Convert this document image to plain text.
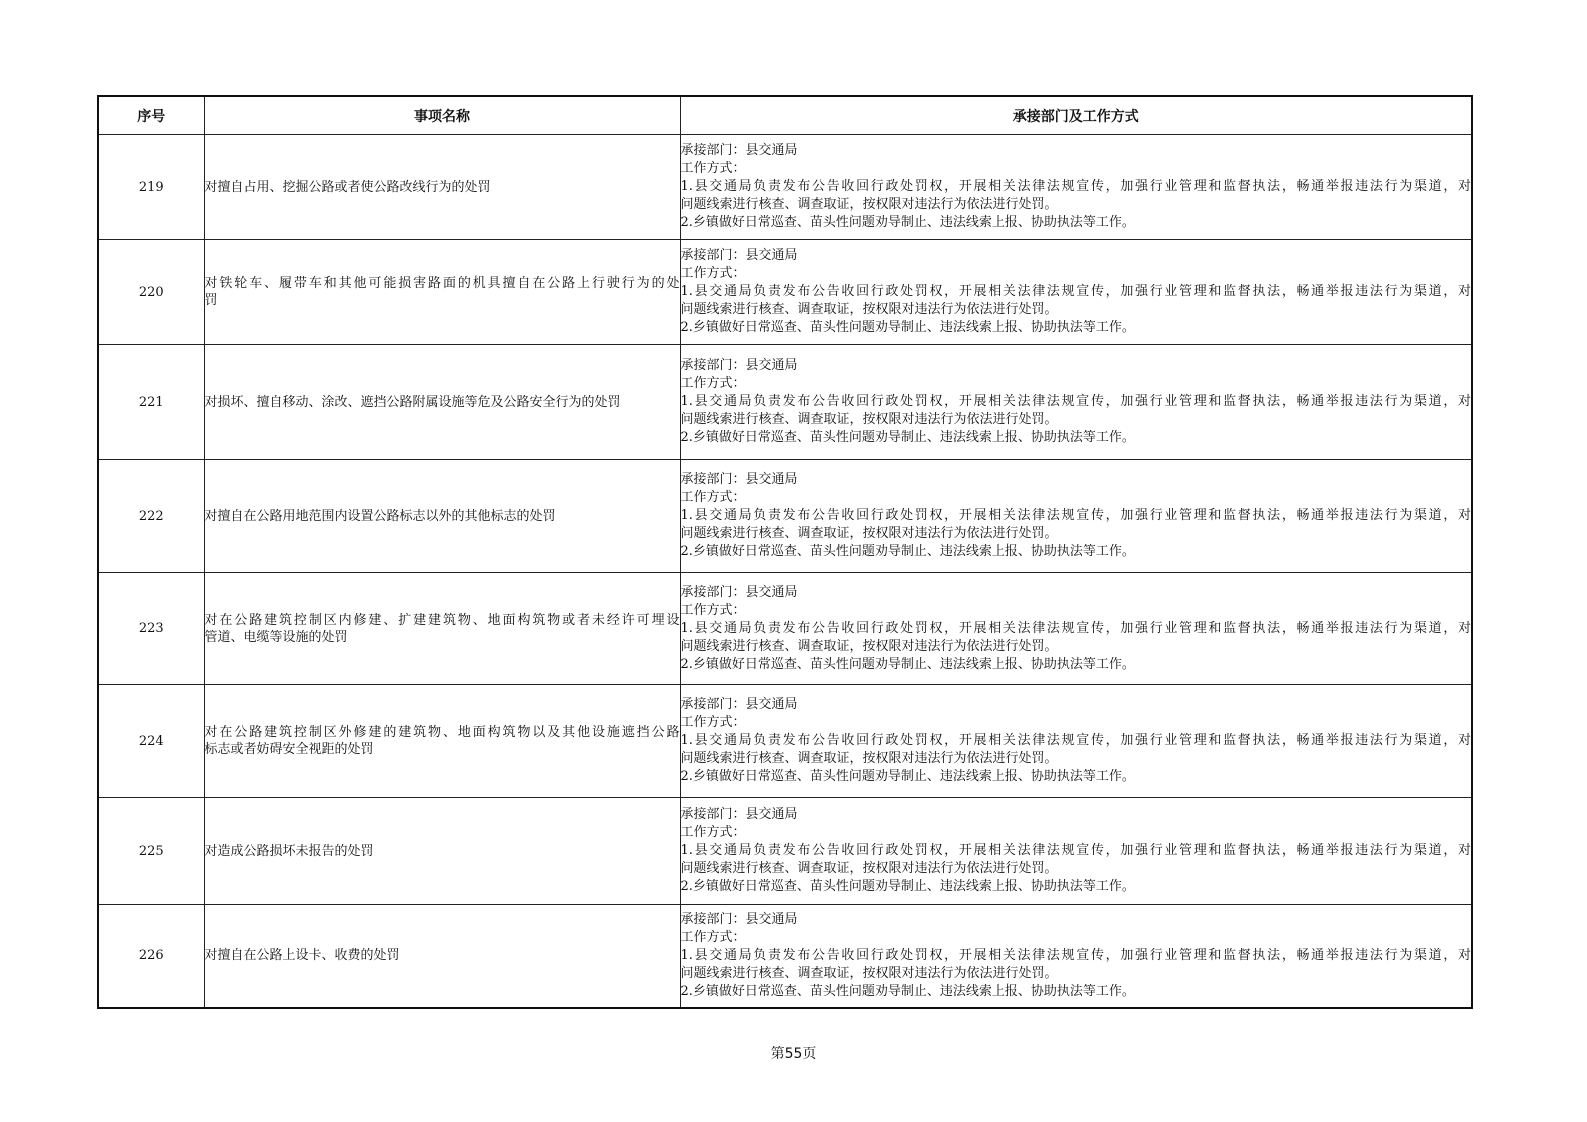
序号	事项名称	承接部门及工作方式
219	对擅自占用、挖掘公路或者使公路改线行为的处罚	承接部门：县交通局
工作方式：
1.县交通局负责发布公告收回行政处罚权，开展相关法律法规宣传，加强行业管理和监督执法，畅通举报违法行为渠道，对
问题线索进行核查、调查取证，按权限对违法行为依法进行处罚。
2.乡镇做好日常巡查、苗头性问题劝导制止、违法线索上报、协助执法等工作。

220	对铁轮车、履带车和其他可能损害路面的机具擅自在公路上行驶行为的处
罚	承接部门：县交通局
工作方式：
1.县交通局负责发布公告收回行政处罚权，开展相关法律法规宣传，加强行业管理和监督执法，畅通举报违法行为渠道，对
问题线索进行核查、调查取证，按权限对违法行为依法进行处罚。
2.乡镇做好日常巡查、苗头性问题劝导制止、违法线索上报、协助执法等工作。

221	对损坏、擅自移动、涂改、遮挡公路附属设施等危及公路安全行为的处罚	承接部门：县交通局
工作方式：
1.县交通局负责发布公告收回行政处罚权，开展相关法律法规宣传，加强行业管理和监督执法，畅通举报违法行为渠道，对
问题线索进行核查、调查取证，按权限对违法行为依法进行处罚。
2.乡镇做好日常巡查、苗头性问题劝导制止、违法线索上报、协助执法等工作。

222	对擅自在公路用地范围内设置公路标志以外的其他标志的处罚	承接部门：县交通局
工作方式：
1.县交通局负责发布公告收回行政处罚权，开展相关法律法规宣传，加强行业管理和监督执法，畅通举报违法行为渠道，对
问题线索进行核查、调查取证，按权限对违法行为依法进行处罚。
2.乡镇做好日常巡查、苗头性问题劝导制止、违法线索上报、协助执法等工作。

223	对在公路建筑控制区内修建、扩建建筑物、地面构筑物或者未经许可埋设
管道、电缆等设施的处罚	承接部门：县交通局
工作方式：
1.县交通局负责发布公告收回行政处罚权，开展相关法律法规宣传，加强行业管理和监督执法，畅通举报违法行为渠道，对
问题线索进行核查、调查取证，按权限对违法行为依法进行处罚。
2.乡镇做好日常巡查、苗头性问题劝导制止、违法线索上报、协助执法等工作。

224	对在公路建筑控制区外修建的建筑物、地面构筑物以及其他设施遮挡公路
标志或者妨碍安全视距的处罚	承接部门：县交通局
工作方式：
1.县交通局负责发布公告收回行政处罚权，开展相关法律法规宣传，加强行业管理和监督执法，畅通举报违法行为渠道，对
问题线索进行核查、调查取证，按权限对违法行为依法进行处罚。
2.乡镇做好日常巡查、苗头性问题劝导制止、违法线索上报、协助执法等工作。

225	对造成公路损坏未报告的处罚	承接部门：县交通局
工作方式：
1.县交通局负责发布公告收回行政处罚权，开展相关法律法规宣传，加强行业管理和监督执法，畅通举报违法行为渠道，对
问题线索进行核查、调查取证，按权限对违法行为依法进行处罚。
2.乡镇做好日常巡查、苗头性问题劝导制止、违法线索上报、协助执法等工作。

226	对擅自在公路上设卡、收费的处罚	承接部门：县交通局
工作方式：
1.县交通局负责发布公告收回行政处罚权，开展相关法律法规宣传，加强行业管理和监督执法，畅通举报违法行为渠道，对
问题线索进行核查、调查取证，按权限对违法行为依法进行处罚。
2.乡镇做好日常巡查、苗头性问题劝导制止、违法线索上报、协助执法等工作。
第55页
